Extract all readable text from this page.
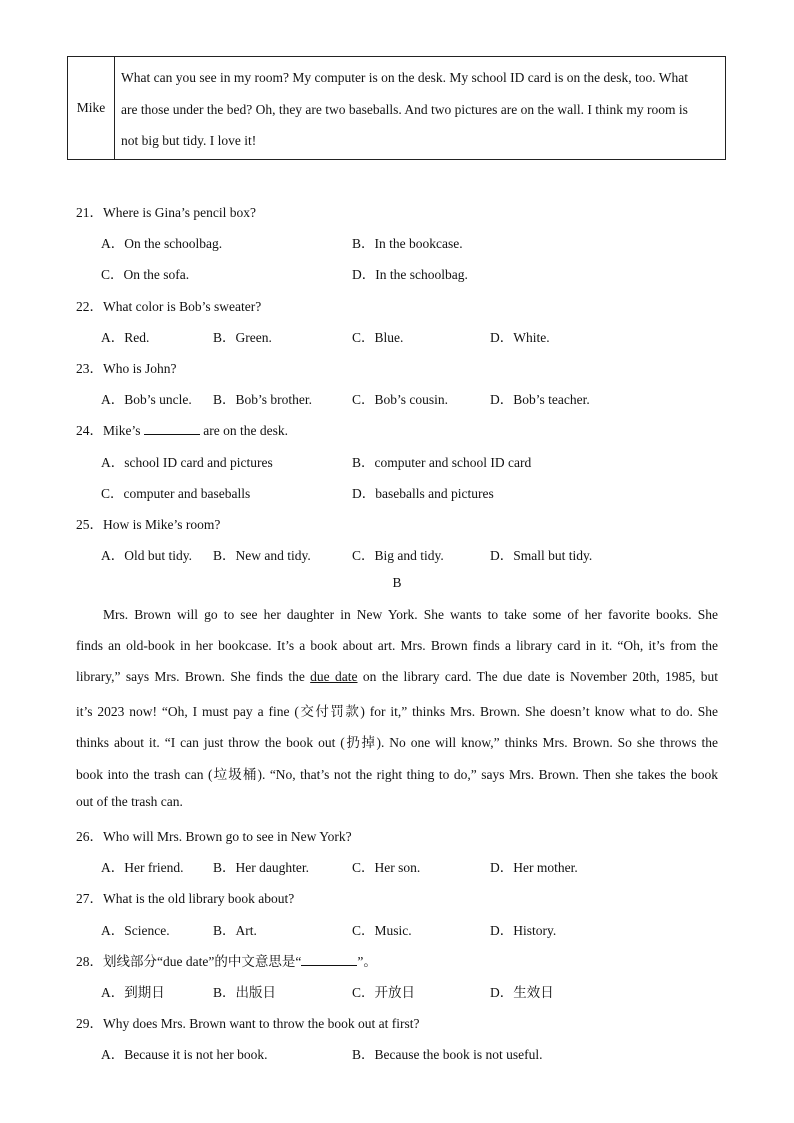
Mike
What can you see in my room? My computer is on the desk. My school ID card is on the desk, too. What
are those under the bed? Oh, they are two baseballs. And two pictures are on the wall. I think my room is
not big but tidy. I love it!
21．Where is Gina’s pencil box?
A．On the schoolbag.	B．In the bookcase.
C．On the sofa.	D．In the schoolbag.
22．What color is Bob’s sweater?
A．Red.	B．Green.	C．Blue.	D．White.
23．Who is John?
A．Bob’s uncle. B．Bob’s brother.	C．Bob’s cousin.	D．Bob’s teacher.
24．Mike’s	are on the desk.
A．school ID card and pictures	B．computer and school ID card
C．computer and baseballs	D．baseballs and pictures
25．How is Mike’s room?
A．Old but tidy. B．New and tidy.	C．Big and tidy.	D．Small but tidy.
B
Mrs. Brown will go to see her daughter in New York. She wants to take some of her favorite books. She
finds an old-book in her bookcase. It’s a book about art. Mrs. Brown finds a library card in it. “Oh, it’s from the
library,” says Mrs. Brown. She finds the due date on the library card. The due date is November 20th, 1985, but
it’s 2023 now! “Oh, I must pay a fine (交付罚款) for it,” thinks Mrs. Brown. She doesn’t know what to do. She
thinks about it. “I can just throw the book out (扔掉). No one will know,” thinks Mrs. Brown. So she throws the
book into the trash can (垃圾桶). “No, that’s not the right thing to do,” says Mrs. Brown. Then she takes the book
out of the trash can.
26．Who will Mrs. Brown go to see in New York?
A．Her friend. B．Her daughter.	C．Her son.	D．Her mother.
27．What is the old library book about?
A．Science.	B．Art.	C．Music.	D．History.
28．划线部分“due date”的中文意思是“	”。
A．到期日	B．出版日	C．开放日	D．生效日
29．Why does Mrs. Brown want to throw the book out at first?
A．Because it is not her book.	B．Because the book is not useful.
